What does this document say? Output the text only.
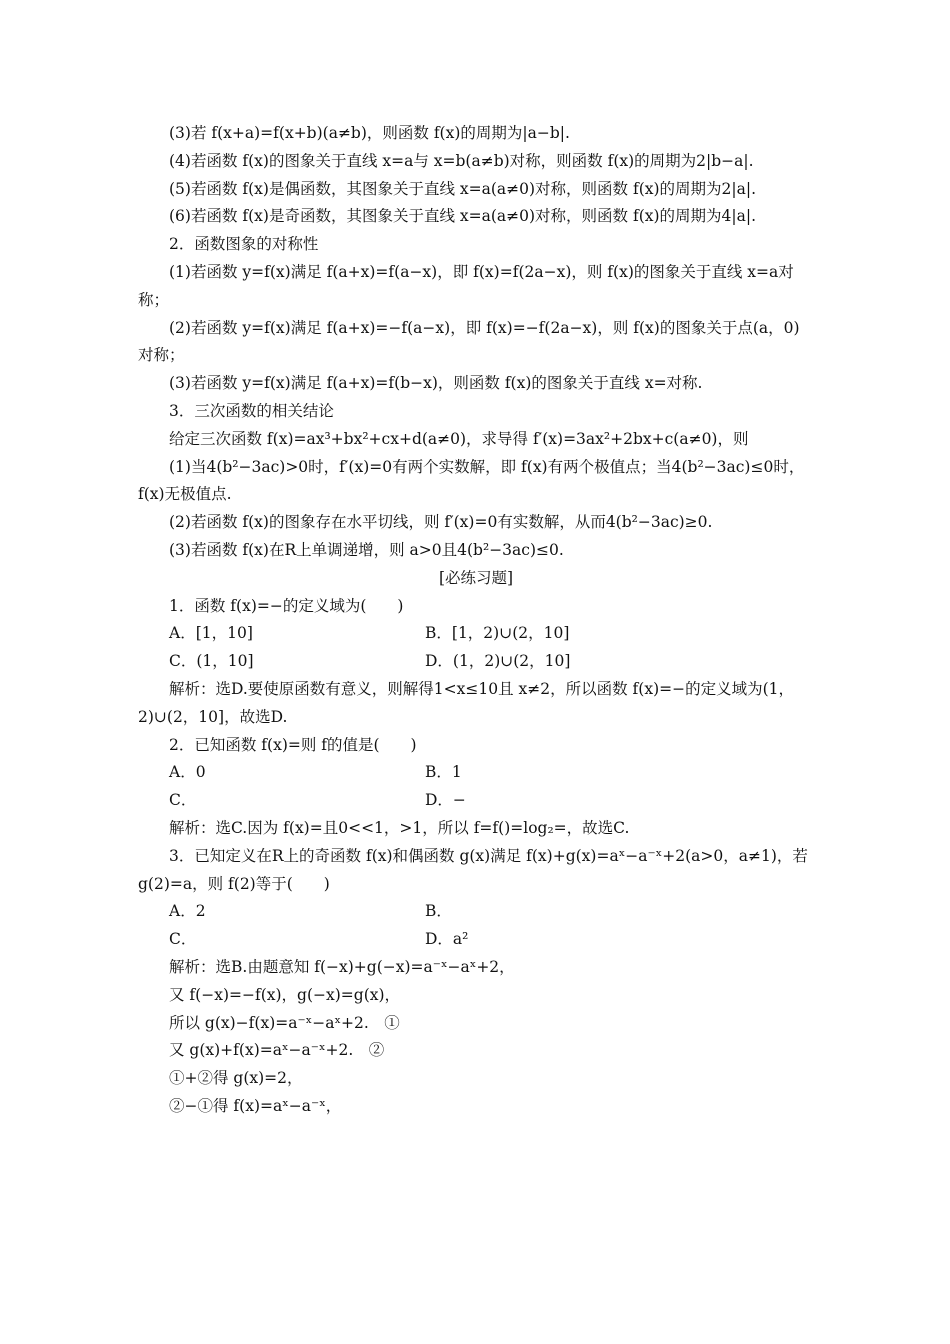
(3)若 f(x+a)=f(x+b)(a≠b)，则函数 f(x)的周期为|a−b|.

(4)若函数 f(x)的图象关于直线 x=a与 x=b(a≠b)对称，则函数 f(x)的周期为2|b−a|.

(5)若函数 f(x)是偶函数，其图象关于直线 x=a(a≠0)对称，则函数 f(x)的周期为2|a|.

(6)若函数 f(x)是奇函数，其图象关于直线 x=a(a≠0)对称，则函数 f(x)的周期为4|a|.

2．函数图象的对称性

(1)若函数 y=f(x)满足 f(a+x)=f(a−x)，即 f(x)=f(2a−x)，则 f(x)的图象关于直线 x=a对称；

(2)若函数 y=f(x)满足 f(a+x)=−f(a−x)，即 f(x)=−f(2a−x)，则 f(x)的图象关于点(a，0)对称；

(3)若函数 y=f(x)满足 f(a+x)=f(b−x)，则函数 f(x)的图象关于直线 x=对称.

3．三次函数的相关结论

给定三次函数 f(x)=ax³+bx²+cx+d(a≠0)，求导得 f′(x)=3ax²+2bx+c(a≠0)，则

(1)当4(b²−3ac)>0时，f′(x)=0有两个实数解，即 f(x)有两个极值点；当4(b²−3ac)≤0时，f(x)无极值点.

(2)若函数 f(x)的图象存在水平切线，则 f′(x)=0有实数解，从而4(b²−3ac)≥0.

(3)若函数 f(x)在R上单调递增，则 a>0且4(b²−3ac)≤0.

[必练习题]

1．函数 f(x)=−的定义域为(　　)

A．[1，10]	B．[1，2)∪(2，10]

C．(1，10]	D．(1，2)∪(2，10]

解析：选D.要使原函数有意义，则解得1<x≤10且 x≠2，所以函数 f(x)=−的定义域为(1，2)∪(2，10]，故选D.

2．已知函数 f(x)=则 f的值是(　　)

A．0	B．1

C．	D．−

解析：选C.因为 f(x)=且0<<1，>1，所以 f=f()=log₂=，故选C.

3．已知定义在R上的奇函数 f(x)和偶函数 g(x)满足 f(x)+g(x)=aˣ−a⁻ˣ+2(a>0，a≠1)，若 g(2)=a，则 f(2)等于(　　)

A．2	B．

C．	D．a²

解析：选B.由题意知 f(−x)+g(−x)=a⁻ˣ−aˣ+2，

又 f(−x)=−f(x)，g(−x)=g(x)，

所以 g(x)−f(x)=a⁻ˣ−aˣ+2.　①

又 g(x)+f(x)=aˣ−a⁻ˣ+2.　②

①+②得 g(x)=2，

②−①得 f(x)=aˣ−a⁻ˣ，
